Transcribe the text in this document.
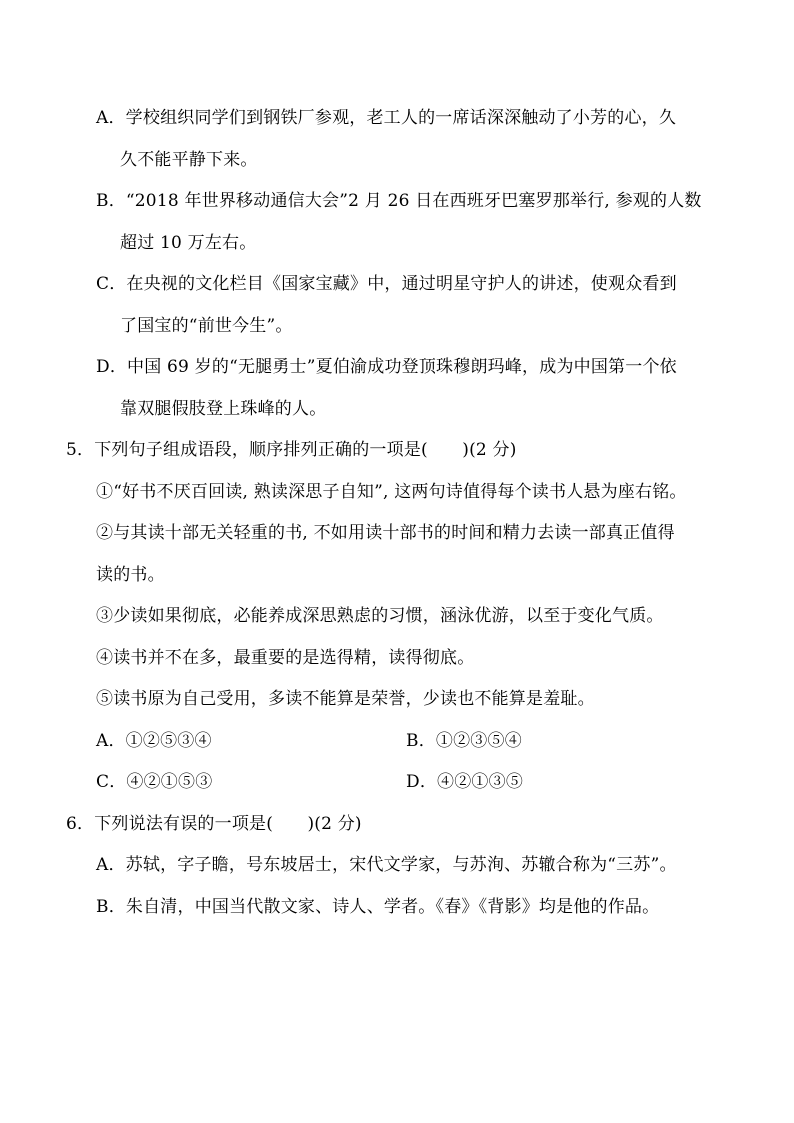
A．学校组织同学们到钢铁厂参观，老工人的一席话深深触动了小芳的心，久
久不能平静下来。
B．“2018 年世界移动通信大会”2 月 26 日在西班牙巴塞罗那举行, 参观的人数
超过 10 万左右。
C．在央视的文化栏目《国家宝藏》中，通过明星守护人的讲述，使观众看到
了国宝的“前世今生”。
D．中国 69 岁的“无腿勇士”夏伯渝成功登顶珠穆朗玛峰，成为中国第一个依
靠双腿假肢登上珠峰的人。
5．下列句子组成语段，顺序排列正确的一项是(　　)(2 分)
①“好书不厌百回读, 熟读深思子自知”, 这两句诗值得每个读书人悬为座右铭。
②与其读十部无关轻重的书, 不如用读十部书的时间和精力去读一部真正值得
读的书。
③少读如果彻底，必能养成深思熟虑的习惯，涵泳优游，以至于变化气质。
④读书并不在多，最重要的是选得精，读得彻底。
⑤读书原为自己受用，多读不能算是荣誉，少读也不能算是羞耻。
A．①②⑤③④	B．①②③⑤④
C．④②①⑤③	D．④②①③⑤
6．下列说法有误的一项是(　　)(2 分)
A．苏轼，字子瞻，号东坡居士，宋代文学家，与苏洵、苏辙合称为“三苏”。
B．朱自清，中国当代散文家、诗人、学者。《春》《背影》均是他的作品。
